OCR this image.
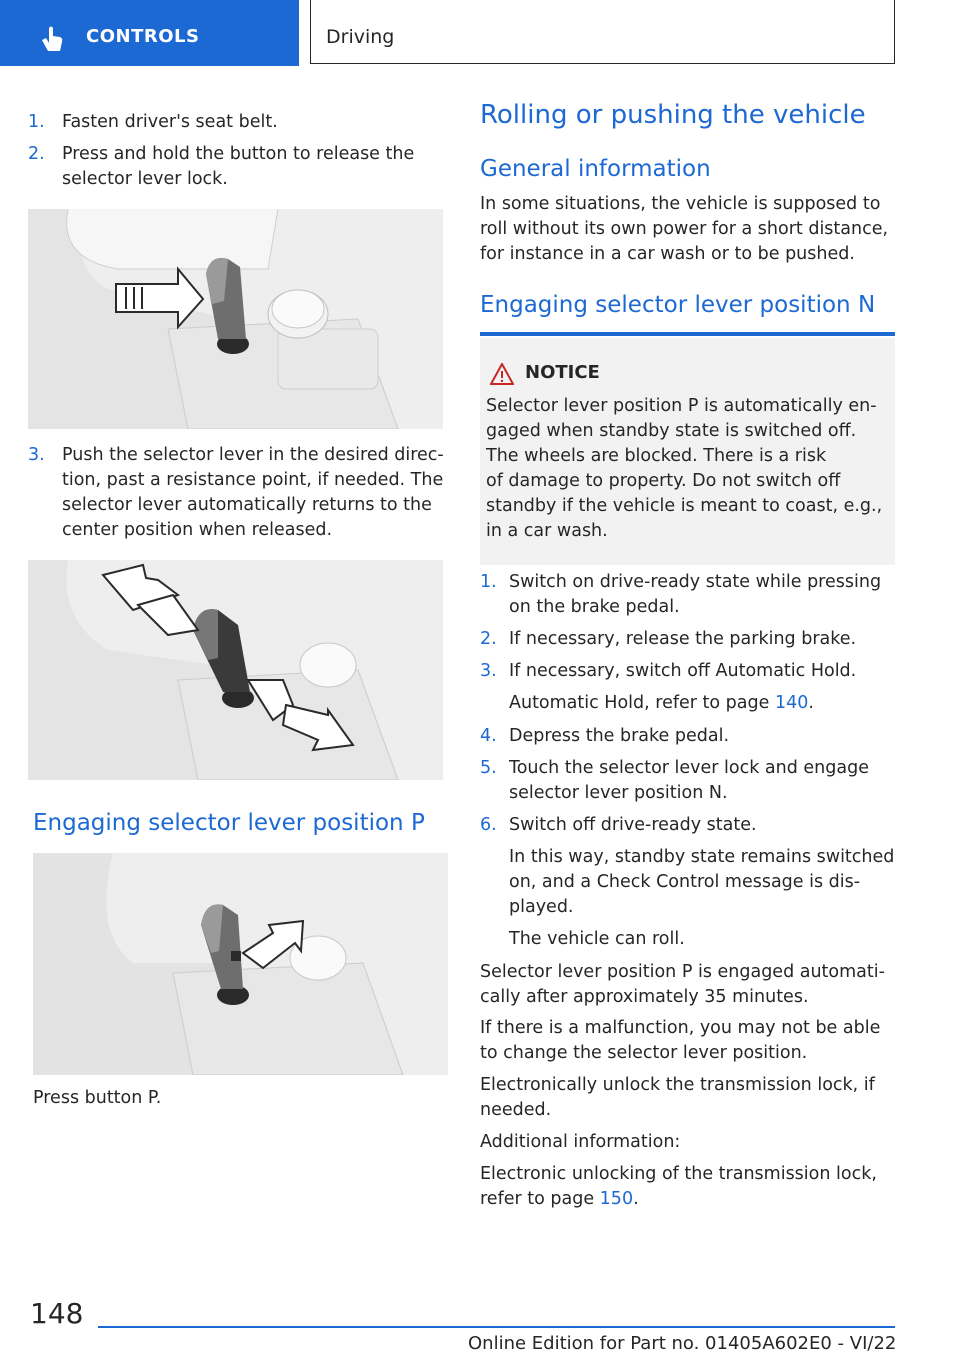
CONTROLS	Driving
1. Fasten driver's seat belt.
2. Press and hold the button to release the
selector lever lock.
3. Push the selector lever in the desired direc‐
tion, past a resistance point, if needed. The
selector lever automatically returns to the
center position when released.
Engaging selector lever position P
Press button P.
Rolling or pushing the vehicle
General information
In some situations, the vehicle is supposed to
roll without its own power for a short distance,
for instance in a car wash or to be pushed.
Engaging selector lever position N
NOTICE
Selector lever position P is automatically en‐
gaged when standby state is switched off.
The wheels are blocked. There is a risk
of damage to property. Do not switch off
standby if the vehicle is meant to coast, e.g.,
in a car wash.
1. Switch on drive-ready state while pressing
on the brake pedal.
2. If necessary, release the parking brake.
3. If necessary, switch off Automatic Hold.
Automatic Hold, refer to page 140.
4. Depress the brake pedal.
5. Touch the selector lever lock and engage
selector lever position N.
6. Switch off drive-ready state.
In this way, standby state remains switched
on, and a Check Control message is dis‐
played.
The vehicle can roll.
Selector lever position P is engaged automati‐
cally after approximately 35 minutes.
If there is a malfunction, you may not be able
to change the selector lever position.
Electronically unlock the transmission lock, if
needed.
Additional information:
Electronic unlocking of the transmission lock,
refer to page 150.
148
Online Edition for Part no. 01405A602E0 - VI/22
